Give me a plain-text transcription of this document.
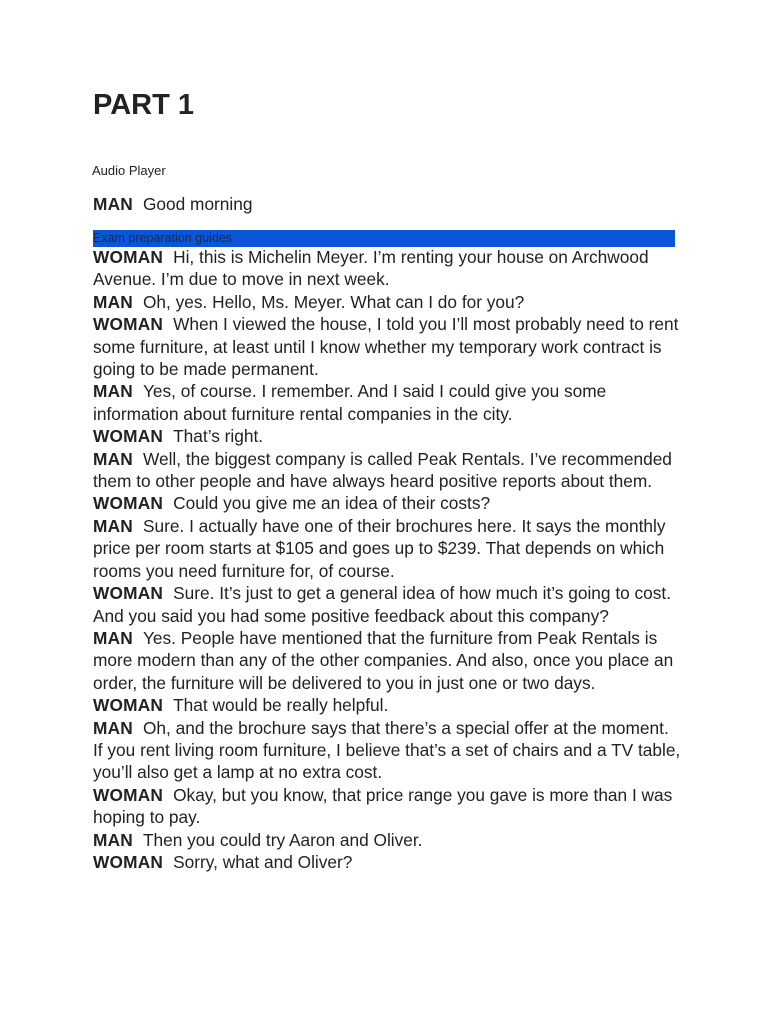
PART 1
Audio Player

MAN Good morning

Exam preparation guides

WOMAN Hi, this is Michelin Meyer. I’m renting your house on Archwood Avenue. I’m due to move in next week.

MAN Oh, yes. Hello, Ms. Meyer. What can I do for you?

WOMAN When I viewed the house, I told you I’ll most probably need to rent some furniture, at least until I know whether my temporary work contract is going to be made permanent.

MAN Yes, of course. I remember. And I said I could give you some information about furniture rental companies in the city.

WOMAN That’s right.

MAN Well, the biggest company is called Peak Rentals. I’ve recommended them to other people and have always heard positive reports about them.

WOMAN Could you give me an idea of their costs?

MAN Sure. I actually have one of their brochures here. It says the monthly price per room starts at $105 and goes up to $239. That depends on which rooms you need furniture for, of course.

WOMAN Sure. It’s just to get a general idea of how much it’s going to cost. And you said you had some positive feedback about this company?

MAN Yes. People have mentioned that the furniture from Peak Rentals is more modern than any of the other companies. And also, once you place an order, the furniture will be delivered to you in just one or two days.

WOMAN That would be really helpful.

MAN Oh, and the brochure says that there’s a special offer at the moment. If you rent living room furniture, I believe that’s a set of chairs and a TV table, you’ll also get a lamp at no extra cost.

WOMAN Okay, but you know, that price range you gave is more than I was hoping to pay.

MAN Then you could try Aaron and Oliver.

WOMAN Sorry, what and Oliver?
